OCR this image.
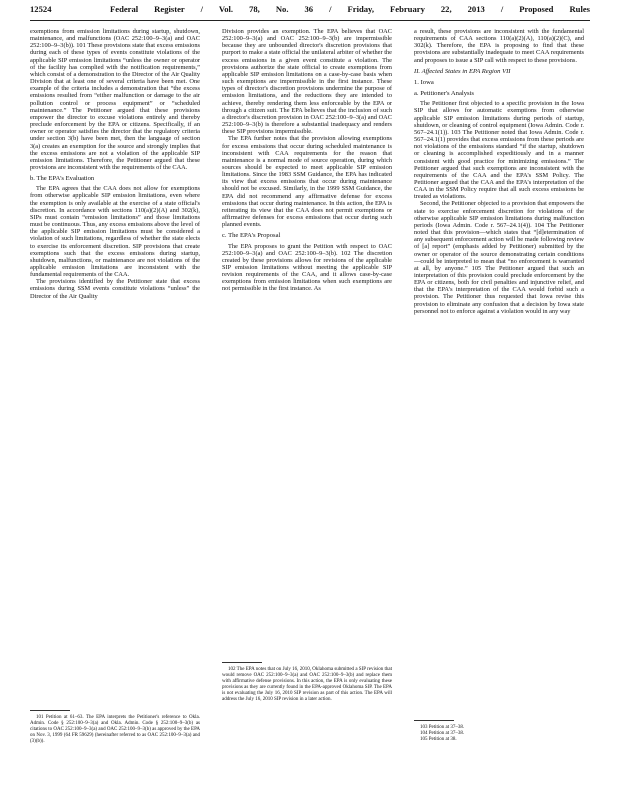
12524	Federal Register / Vol. 78, No. 36 / Friday, February 22, 2013 / Proposed Rules

exemptions from emission limitations during startup, shutdown, maintenance, and malfunctions (OAC 252:100–9–3(a) and OAC 252:100–9–3(b)). 101 These provisions state that excess emissions during each of these types of events constitute violations of the applicable SIP emission limitations “unless the owner or operator of the facility has complied with the notification requirements,” which consist of a demonstration to the Director of the Air Quality Division that at least one of several criteria have been met. One example of the criteria includes a demonstration that “the excess emissions resulted from “either malfunction or damage to the air pollution control or process equipment” or “scheduled maintenance.” The Petitioner argued that these provisions empower the director to excuse violations entirely and thereby preclude enforcement by the EPA or citizens. Specifically, if an owner or operator satisfies the director that the regulatory criteria under section 3(b) have been met, then the language of section 3(a) creates an exemption for the source and strongly implies that the excess emissions are not a violation of the applicable SIP emission limitations. Therefore, the Petitioner argued that these provisions are inconsistent with the requirements of the CAA.

b. The EPA's Evaluation

The EPA agrees that the CAA does not allow for exemptions from otherwise applicable SIP emission limitations, even where the exemption is only available at the exercise of a state official's discretion. In accordance with sections 110(a)(2)(A) and 302(k), SIPs must contain “emission limitations” and those limitations must be continuous. Thus, any excess emissions above the level of the applicable SIP emission limitations must be considered a violation of such limitations, regardless of whether the state elects to exercise its enforcement discretion. SIP provisions that create exemptions such that the excess emissions during startup, shutdown, malfunctions, or maintenance are not violations of the applicable emission limitations are inconsistent with the fundamental requirements of the CAA.

The provisions identified by the Petitioner state that excess emissions during SSM events constitute violations “unless” the Director of the Air Quality

101 Petition at 61–63. The EPA interprets the Petitioner's reference to Okla. Admin. Code § 252:100–9–3(a) and Okla. Admin. Code § 252:100–9–3(b) as citations to OAC 252:100–9–3(a) and OAC 252:100–9–3(b) as approved by the EPA on Nov. 3, 1999 (64 FR 59629) (hereinafter referred to as OAC 252:100–9–3(a) and (3)(b)).

Division provides an exemption. The EPA believes that OAC 252:100–9–3(a) and OAC 252:100–9–3(b) are impermissible because they are unbounded director's discretion provisions that purport to make a state official the unilateral arbiter of whether the excess emissions in a given event constitute a violation. The provisions authorize the state official to create exemptions from applicable SIP emission limitations on a case-by-case basis when such exemptions are impermissible in the first instance. These types of director's discretion provisions undermine the purpose of emission limitations, and the reductions they are intended to achieve, thereby rendering them less enforceable by the EPA or through a citizen suit. The EPA believes that the inclusion of such a director's discretion provision in OAC 252:100–9–3(a) and OAC 252:100–9–3(b) is therefore a substantial inadequacy and renders these SIP provisions impermissible.

The EPA further notes that the provision allowing exemptions for excess emissions that occur during scheduled maintenance is inconsistent with CAA requirements for the reason that maintenance is a normal mode of source operation, during which sources should be expected to meet applicable SIP emission limitations. Since the 1983 SSM Guidance, the EPA has indicated its view that excess emissions that occur during maintenance should not be excused. Similarly, in the 1999 SSM Guidance, the EPA did not recommend any affirmative defense for excess emissions that occur during maintenance. In this action, the EPA is reiterating its view that the CAA does not permit exemptions or affirmative defenses for excess emissions that occur during such planned events.

c. The EPA's Proposal

The EPA proposes to grant the Petition with respect to OAC 252:100–9–3(a) and OAC 252:100–9–3(b). 102 The discretion created by these provisions allows for revisions of the applicable SIP emission limitations without meeting the applicable SIP revision requirements of the CAA, and it allows case-by-case exemptions from emission limitations when such exemptions are not permissible in the first instance. As

102 The EPA notes that on July 16, 2010, Oklahoma submitted a SIP revision that would remove OAC 252:100–9–3(a) and OAC 252:100–9–3(b) and replace them with affirmative defense provisions. In this action, the EPA is only evaluating these provisions as they are currently found in the EPA-approved Oklahoma SIP. The EPA is not evaluating the July 16, 2010 SIP revision as part of this action. The EPA will address the July 16, 2010 SIP revision in a later action.

a result, these provisions are inconsistent with the fundamental requirements of CAA sections 110(a)(2)(A), 110(a)(2)(C), and 302(k). Therefore, the EPA is proposing to find that these provisions are substantially inadequate to meet CAA requirements and proposes to issue a SIP call with respect to these provisions.

II. Affected States in EPA Region VII
1. Iowa
a. Petitioner's Analysis

The Petitioner first objected to a specific provision in the Iowa SIP that allows for automatic exemptions from otherwise applicable SIP emission limitations during periods of startup, shutdown, or cleaning of control equipment (Iowa Admin. Code r. 567–24.1(1)). 103 The Petitioner noted that Iowa Admin. Code r. 567–24.1(1) provides that excess emissions from these periods are not violations of the emissions standard “if the startup, shutdown or cleaning is accomplished expeditiously and in a manner consistent with good practice for minimizing emissions.” The Petitioner argued that such exemptions are inconsistent with the requirements of the CAA and the EPA's SSM Policy. The Petitioner argued that the CAA and the EPA's interpretation of the CAA in the SSM Policy require that all such excess emissions be treated as violations.

Second, the Petitioner objected to a provision that empowers the state to exercise enforcement discretion for violations of the otherwise applicable SIP emission limitations during malfunction periods (Iowa Admin. Code r. 567–24.1(4)). 104 The Petitioner noted that this provision—which states that “[d]etermination of any subsequent enforcement action will be made following review of [a] report” (emphasis added by Petitioner) submitted by the owner or operator of the source demonstrating certain conditions—could be interpreted to mean that “no enforcement is warranted at all, by anyone.” 105 The Petitioner argued that such an interpretation of this provision could preclude enforcement by the EPA or citizens, both for civil penalties and injunctive relief, and that the EPA's interpretation of the CAA would forbid such a provision. The Petitioner thus requested that Iowa revise this provision to eliminate any confusion that a decision by Iowa state personnel not to enforce against a violation would in any way

103 Petition at 37–38.

104 Petition at 37–38.

105 Petition at 38.
